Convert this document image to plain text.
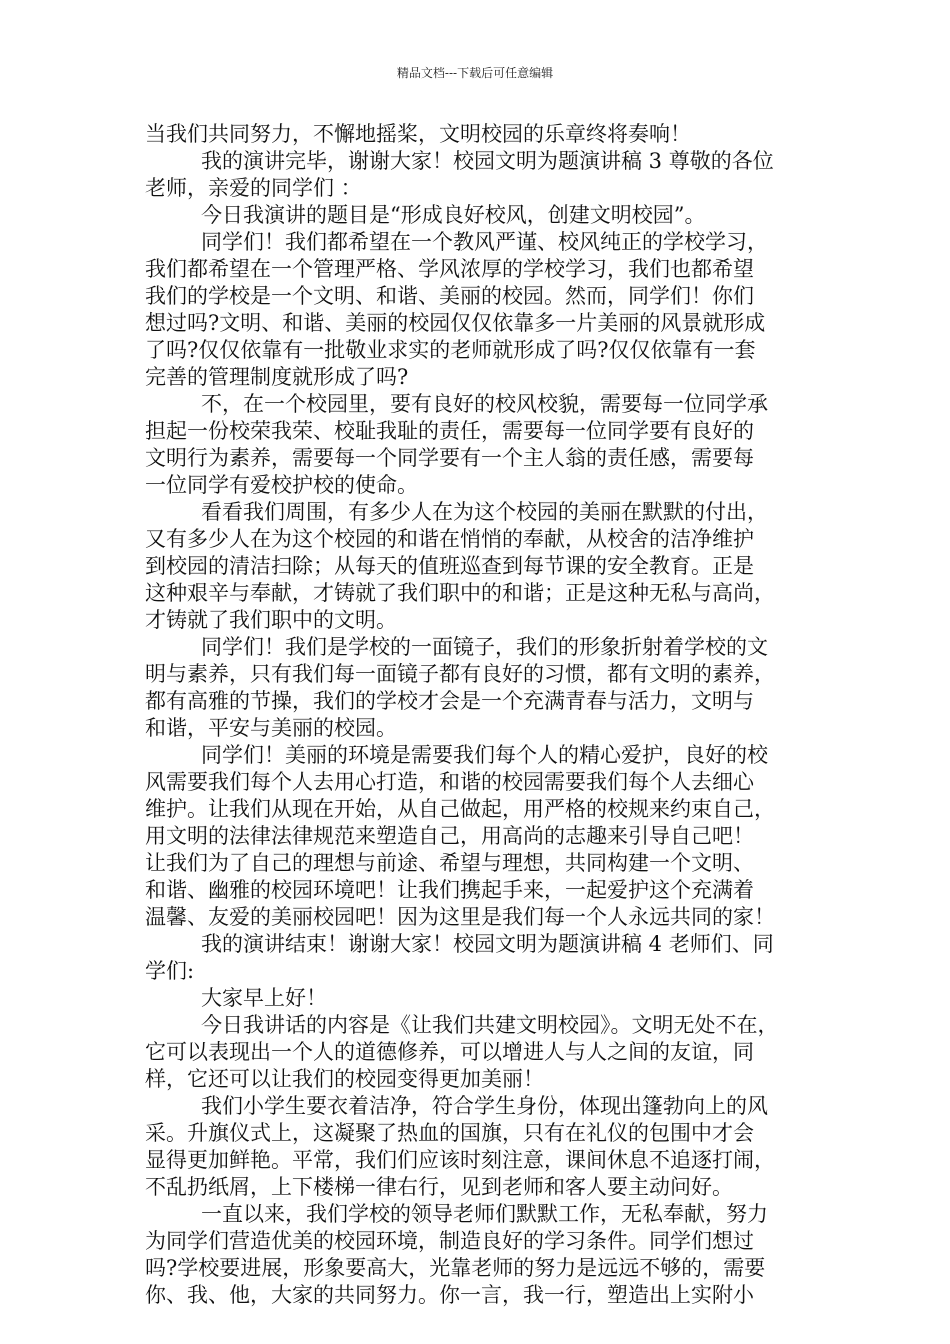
精品文档---下载后可任意编辑
当我们共同努力，不懈地摇桨，文明校园的乐章终将奏响！
我的演讲完毕，谢谢大家！校园文明为题演讲稿 3 尊敬的各位
老师，亲爱的同学们 ：
今日我演讲的题目是“形成良好校风，创建文明校园”。
同学们！我们都希望在一个教风严谨、校风纯正的学校学习，
我们都希望在一个管理严格、学风浓厚的学校学习，我们也都希望
我们的学校是一个文明、和谐、美丽的校园。然而，同学们！你们
想过吗?文明、和谐、美丽的校园仅仅依靠多一片美丽的风景就形成
了吗?仅仅依靠有一批敬业求实的老师就形成了吗?仅仅依靠有一套
完善的管理制度就形成了吗?
不，在一个校园里，要有良好的校风校貌，需要每一位同学承
担起一份校荣我荣、校耻我耻的责任，需要每一位同学要有良好的
文明行为素养，需要每一个同学要有一个主人翁的责任感，需要每
一位同学有爱校护校的使命。
看看我们周围，有多少人在为这个校园的美丽在默默的付出，
又有多少人在为这个校园的和谐在悄悄的奉献，从校舍的洁净维护
到校园的清洁扫除；从每天的值班巡查到每节课的安全教育。正是
这种艰辛与奉献，才铸就了我们职中的和谐；正是这种无私与高尚，
才铸就了我们职中的文明。
同学们！我们是学校的一面镜子，我们的形象折射着学校的文
明与素养，只有我们每一面镜子都有良好的习惯，都有文明的素养，
都有高雅的节操，我们的学校才会是一个充满青春与活力，文明与
和谐，平安与美丽的校园。
同学们！美丽的环境是需要我们每个人的精心爱护，良好的校
风需要我们每个人去用心打造，和谐的校园需要我们每个人去细心
维护。让我们从现在开始，从自己做起，用严格的校规来约束自己，
用文明的法律法律规范来塑造自己，用高尚的志趣来引导自己吧！
让我们为了自己的理想与前途、希望与理想，共同构建一个文明、
和谐、幽雅的校园环境吧！让我们携起手来，一起爱护这个充满着
温馨、友爱的美丽校园吧！因为这里是我们每一个人永远共同的家！
我的演讲结束！谢谢大家！校园文明为题演讲稿 4 老师们、同
学们:
大家早上好！
今日我讲话的内容是《让我们共建文明校园》。文明无处不在，
它可以表现出一个人的道德修养，可以增进人与人之间的友谊，同
样，它还可以让我们的校园变得更加美丽！
我们小学生要衣着洁净，符合学生身份，体现出篷勃向上的风
采。升旗仪式上，这凝聚了热血的国旗，只有在礼仪的包围中才会
显得更加鲜艳。平常，我们们应该时刻注意，课间休息不追逐打闹，
不乱扔纸屑，上下楼梯一律右行，见到老师和客人要主动问好。
一直以来，我们学校的领导老师们默默工作，无私奉献，努力
为同学们营造优美的校园环境，制造良好的学习条件。同学们想过
吗?学校要进展，形象要高大，光靠老师的努力是远远不够的，需要
你、我、他，大家的共同努力。你一言，我一行，塑造出上实附小
